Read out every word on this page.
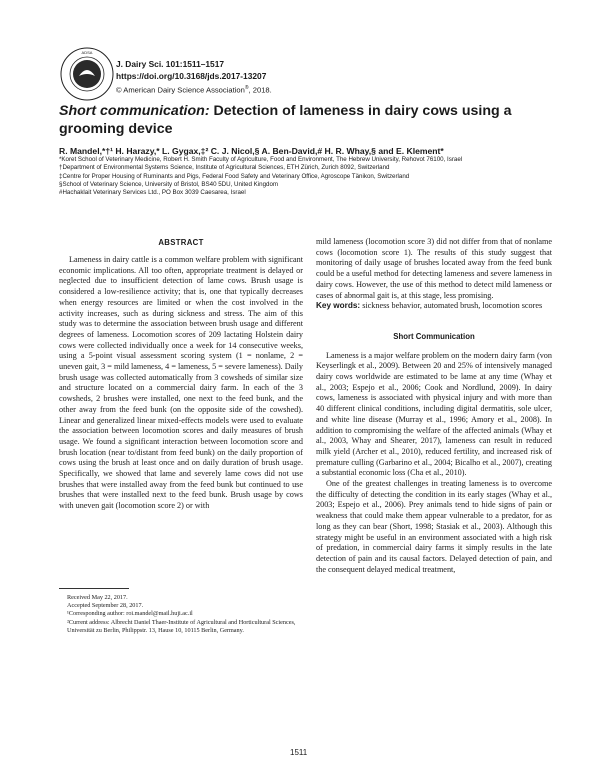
ADSA
J. Dairy Sci. 101:1511–1517
https://doi.org/10.3168/jds.2017-13207
© American Dairy Science Association®, 2018.
Short communication: Detection of lameness in dairy cows using a grooming device
R. Mandel,*†¹ H. Harazy,* L. Gygax,‡² C. J. Nicol,§ A. Ben-David,# H. R. Whay,§ and E. Klement*

*Koret School of Veterinary Medicine, Robert H. Smith Faculty of Agriculture, Food and Environment, The Hebrew University, Rehovot 76100, Israel

†Department of Environmental Systems Science, Institute of Agricultural Sciences, ETH Zürich, Zurich 8092, Switzerland

‡Centre for Proper Housing of Ruminants and Pigs, Federal Food Safety and Veterinary Office, Agroscope Tänikon, Switzerland

§School of Veterinary Science, University of Bristol, BS40 5DU, United Kingdom

#Hachaklait Veterinary Services Ltd., PO Box 3039 Caesarea, Israel

ABSTRACT

Lameness in dairy cattle is a common welfare problem with significant economic implications. All too often, appropriate treatment is delayed or neglected due to insufficient detection of lame cows. Brush usage is considered a low-resilience activity; that is, one that typically decreases when energy resources are limited or when the cost involved in the activity increases, such as during sickness and stress. The aim of this study was to determine the association between brush usage and different degrees of lameness. Locomotion scores of 209 lactating Holstein dairy cows were collected individually once a week for 14 consecutive weeks, using a 5-point visual assessment scoring system (1 = nonlame, 2 = uneven gait, 3 = mild lameness, 4 = lameness, 5 = severe lameness). Daily brush usage was collected automatically from 3 cowsheds of similar size and structure located on a commercial dairy farm. In each of the 3 cowsheds, 2 brushes were installed, one next to the feed bunk, and the other away from the feed bunk (on the opposite side of the cowshed). Linear and generalized linear mixed-effects models were used to evaluate the association between locomotion scores and daily measures of brush usage. We found a significant interaction between locomotion score and brush location (near to/distant from feed bunk) on the daily proportion of cows using the brush at least once and on daily duration of brush usage. Specifically, we showed that lame and severely lame cows did not use brushes that were installed away from the feed bunk but continued to use brushes that were installed next to the feed bunk. Brush usage by cows with uneven gait (locomotion score 2) or with

Received May 22, 2017.

Accepted September 28, 2017.

¹Corresponding author: roi.mandel@mail.huji.ac.il

²Current address: Albrecht Daniel Thaer-Institute of Agricultural and Horticultural Sciences, Universität zu Berlin, Philippstr. 13, Hause 10, 10115 Berlin, Germany.

mild lameness (locomotion score 3) did not differ from that of nonlame cows (locomotion score 1). The results of this study suggest that monitoring of daily usage of brushes located away from the feed bunk could be a useful method for detecting lameness and severe lameness in dairy cows. However, the use of this method to detect mild lameness or cases of abnormal gait is, at this stage, less promising.

Key words: sickness behavior, automated brush, locomotion scores

Short Communication

Lameness is a major welfare problem on the modern dairy farm (von Keyserlingk et al., 2009). Between 20 and 25% of intensively managed dairy cows worldwide are estimated to be lame at any time (Whay et al., 2003; Espejo et al., 2006; Cook and Nordlund, 2009). In dairy cows, lameness is associated with physical injury and with more than 40 different clinical conditions, including digital dermatitis, sole ulcer, and white line disease (Murray et al., 1996; Amory et al., 2008). In addition to compromising the welfare of the affected animals (Whay et al., 2003, Whay and Shearer, 2017), lameness can result in reduced milk yield (Archer et al., 2010), reduced fertility, and increased risk of premature culling (Garbarino et al., 2004; Bicalho et al., 2007), creating a substantial economic loss (Cha et al., 2010).

One of the greatest challenges in treating lameness is to overcome the difficulty of detecting the condition in its early stages (Whay et al., 2003; Espejo et al., 2006). Prey animals tend to hide signs of pain or weakness that could make them appear vulnerable to a predator, for as long as they can bear (Short, 1998; Stasiak et al., 2003). Although this strategy might be useful in an environment associated with a high risk of predation, in commercial dairy farms it simply results in the late detection of pain and its causal factors. Delayed detection of pain, and the consequent delayed medical treatment,

1511
